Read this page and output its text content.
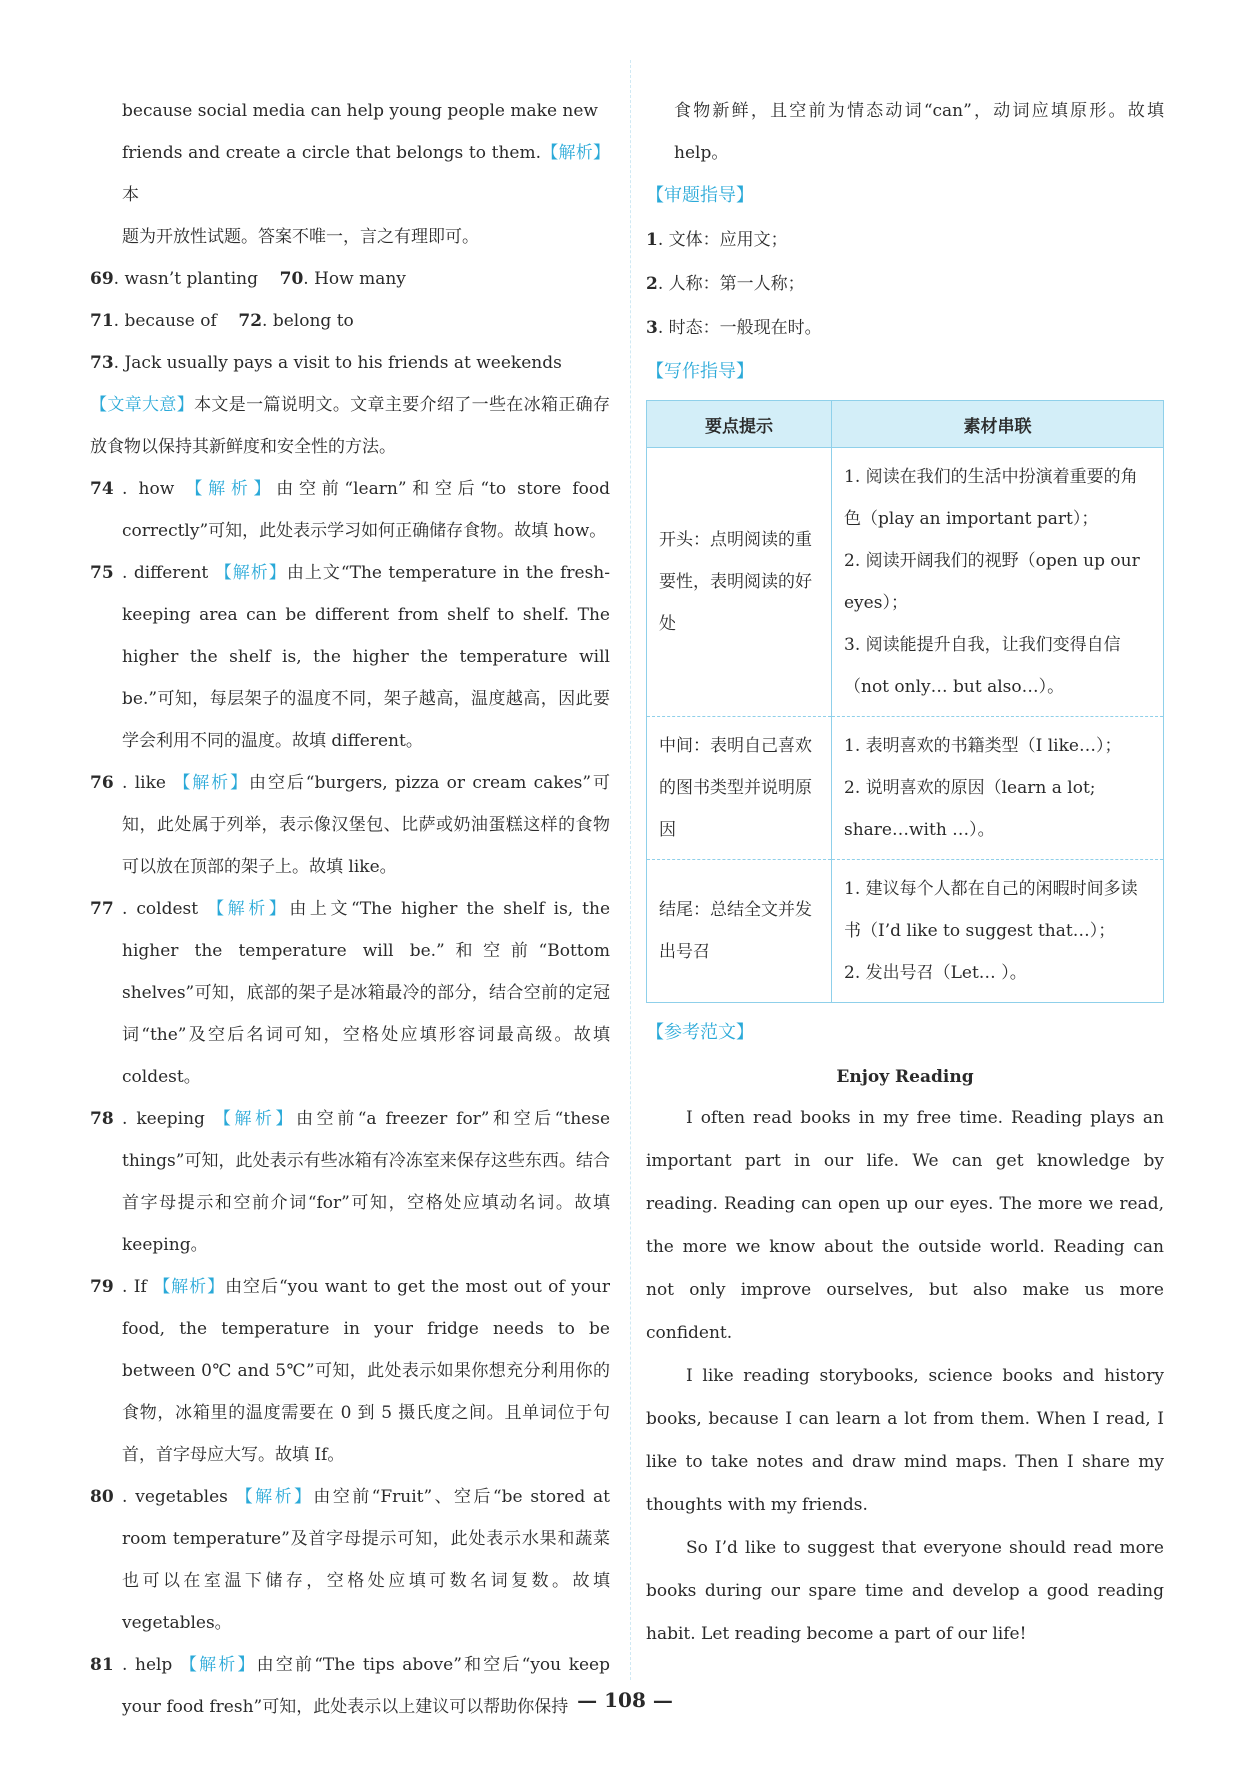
because social media can help young people make new
friends and create a circle that belongs to them.【解析】本
题为开放性试题。答案不唯一，言之有理即可。
69. wasn’t planting 70. How many
71. because of 72. belong to
73. Jack usually pays a visit to his friends at weekends
【文章大意】本文是一篇说明文。文章主要介绍了一些在冰箱正确存放食物以保持其新鲜度和安全性的方法。
74 . how 【解析】由空前“learn”和空后“to store food correctly”可知，此处表示学习如何正确储存食物。故填 how。
75 . different 【解析】由上文“The temperature in the fresh-keeping area can be different from shelf to shelf. The higher the shelf is, the higher the temperature will be.”可知，每层架子的温度不同，架子越高，温度越高，因此要学会利用不同的温度。故填 different。
76 . like 【解析】由空后“burgers, pizza or cream cakes”可知，此处属于列举，表示像汉堡包、比萨或奶油蛋糕这样的食物可以放在顶部的架子上。故填 like。
77 . coldest 【解析】由上文“The higher the shelf is, the higher the temperature will be.”和空前“Bottom shelves”可知，底部的架子是冰箱最冷的部分，结合空前的定冠词“the”及空后名词可知，空格处应填形容词最高级。故填 coldest。
78 . keeping 【解析】由空前“a freezer for”和空后“these things”可知，此处表示有些冰箱有冷冻室来保存这些东西。结合首字母提示和空前介词“for”可知，空格处应填动名词。故填 keeping。
79 . If 【解析】由空后“you want to get the most out of your food, the temperature in your fridge needs to be between 0℃ and 5℃”可知，此处表示如果你想充分利用你的食物，冰箱里的温度需要在 0 到 5 摄氏度之间。且单词位于句首，首字母应大写。故填 If。
80 . vegetables 【解析】由空前“Fruit”、空后“be stored at room temperature”及首字母提示可知，此处表示水果和蔬菜也可以在室温下储存，空格处应填可数名词复数。故填 vegetables。
81 . help 【解析】由空前“The tips above”和空后“you keep your food fresh”可知，此处表示以上建议可以帮助你保持
食物新鲜，且空前为情态动词“can”，动词应填原形。故填 help。
【审题指导】
1. 文体：应用文；
2. 人称：第一人称；
3. 时态：一般现在时。
【写作指导】
要点提示	素材串联
开头：点明阅读的重要性，表明阅读的好处	1. 阅读在我们的生活中扮演着重要的角色（play an important part）；
2. 阅读开阔我们的视野（open up our eyes）；
3. 阅读能提升自我，让我们变得自信（not only… but also…）。

中间：表明自己喜欢的图书类型并说明原因	1. 表明喜欢的书籍类型（I like…）；
2. 说明喜欢的原因（learn a lot; share…with …）。

结尾：总结全文并发出号召	1. 建议每个人都在自己的闲暇时间多读书（I’d like to suggest that…）；
2. 发出号召（Let… ）。
【参考范文】
Enjoy Reading

I often read books in my free time. Reading plays an important part in our life. We can get knowledge by reading. Reading can open up our eyes. The more we read, the more we know about the outside world. Reading can not only improve ourselves, but also make us more confident.

I like reading storybooks, science books and history books, because I can learn a lot from them. When I read, I like to take notes and draw mind maps. Then I share my thoughts with my friends.

So I’d like to suggest that everyone should read more books during our spare time and develop a good reading habit. Let reading become a part of our life!

— 108 —
